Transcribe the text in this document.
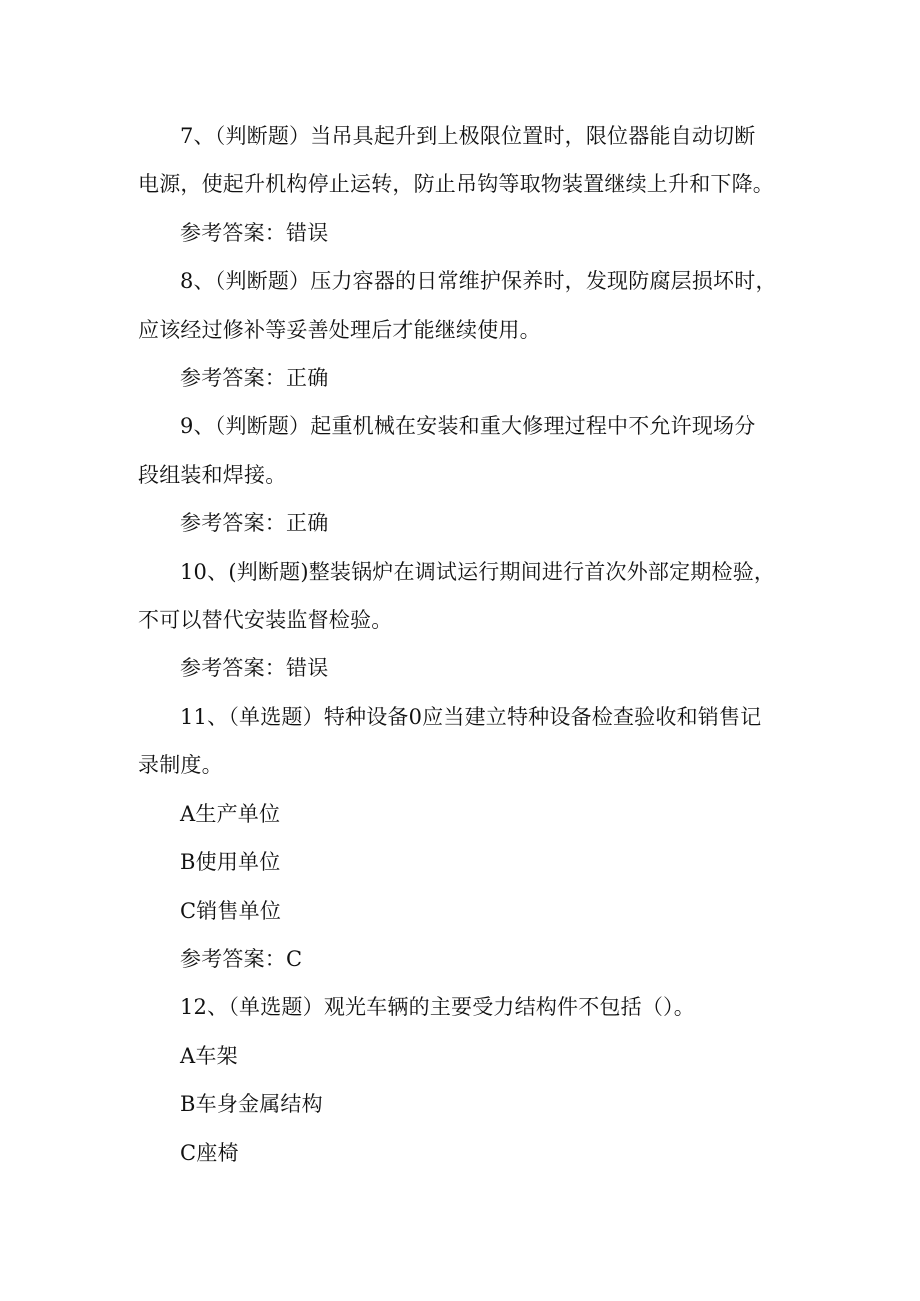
7、（判断题）当吊具起升到上极限位置时，限位器能自动切断
电源，使起升机构停止运转，防止吊钩等取物装置继续上升和下降。
参考答案：错误
8、（判断题）压力容器的日常维护保养时，发现防腐层损坏时，
应该经过修补等妥善处理后才能继续使用。
参考答案：正确
9、（判断题）起重机械在安装和重大修理过程中不允许现场分
段组装和焊接。
参考答案：正确
10、(判断题)整装锅炉在调试运行期间进行首次外部定期检验，
不可以替代安装监督检验。
参考答案：错误
11、（单选题）特种设备0应当建立特种设备检查验收和销售记
录制度。
A生产单位
B使用单位
C销售单位
参考答案：C
12、（单选题）观光车辆的主要受力结构件不包括（）。
A车架
B车身金属结构
C座椅
